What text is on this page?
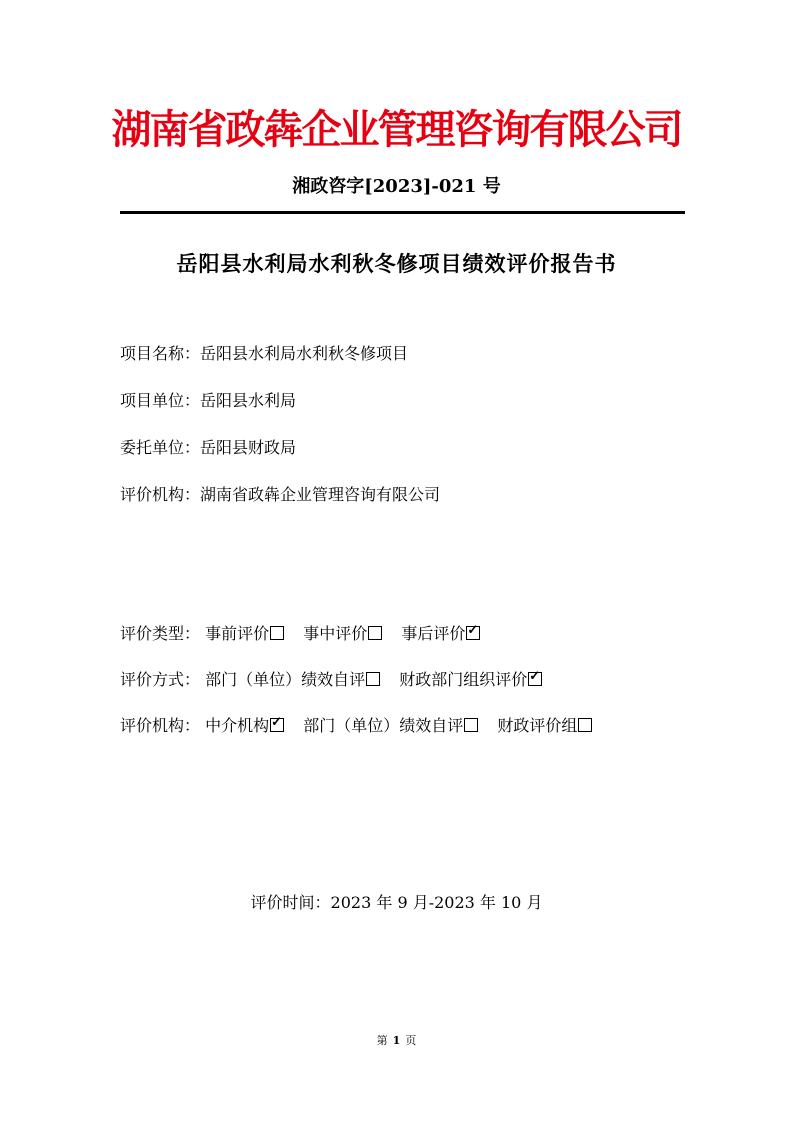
湖南省政犇企业管理咨询有限公司
湘政咨字[2023]-021 号
岳阳县水利局水利秋冬修项目绩效评价报告书
项目名称：岳阳县水利局水利秋冬修项目
项目单位：岳阳县水利局
委托单位：岳阳县财政局
评价机构：湖南省政犇企业管理咨询有限公司
评价类型： 事前评价 事中评价 事后评价✓
评价方式： 部门（单位）绩效自评 财政部门组织评价✓
评价机构： 中介机构✓ 部门（单位）绩效自评 财政评价组
评价时间：2023 年 9 月-2023 年 10 月
第 1 页
